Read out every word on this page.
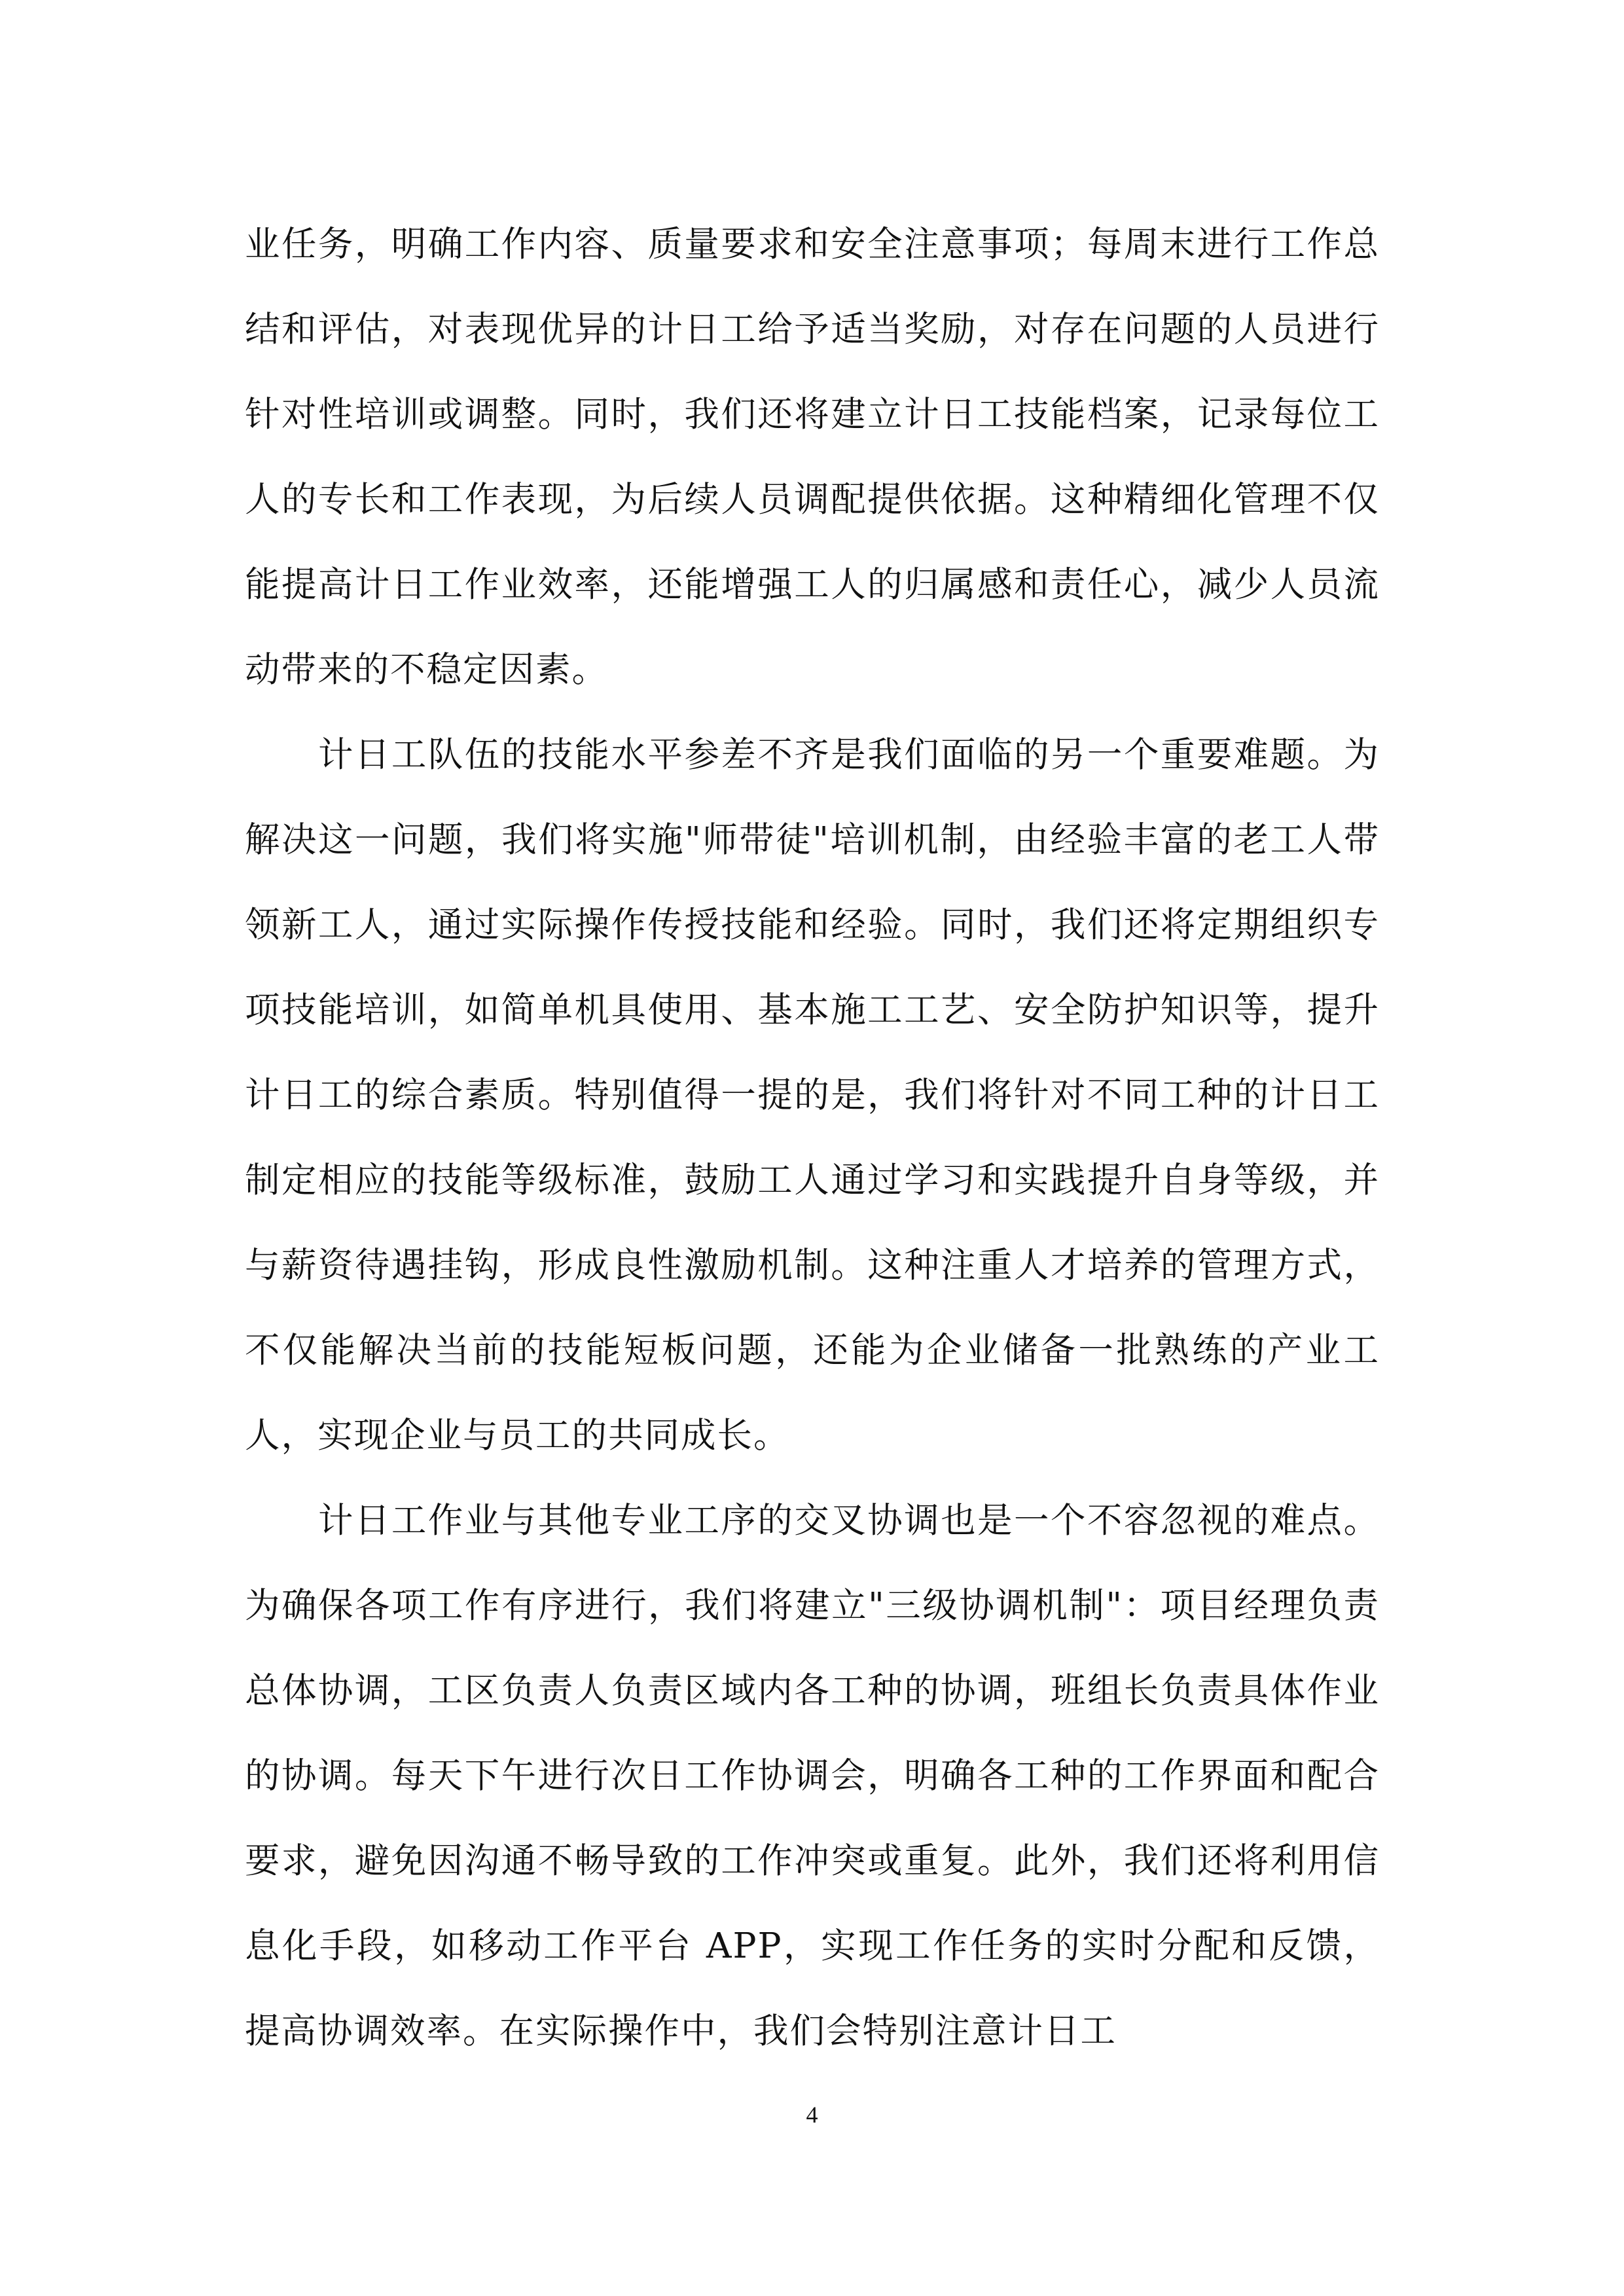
业任务，明确工作内容、质量要求和安全注意事项；每周末进行工作总结和评估，对表现优异的计日工给予适当奖励，对存在问题的人员进行针对性培训或调整。同时，我们还将建立计日工技能档案，记录每位工人的专长和工作表现，为后续人员调配提供依据。这种精细化管理不仅能提高计日工作业效率，还能增强工人的归属感和责任心，减少人员流动带来的不稳定因素。

计日工队伍的技能水平参差不齐是我们面临的另一个重要难题。为解决这一问题，我们将实施"师带徒"培训机制，由经验丰富的老工人带领新工人，通过实际操作传授技能和经验。同时，我们还将定期组织专项技能培训，如简单机具使用、基本施工工艺、安全防护知识等，提升计日工的综合素质。特别值得一提的是，我们将针对不同工种的计日工制定相应的技能等级标准，鼓励工人通过学习和实践提升自身等级，并与薪资待遇挂钩，形成良性激励机制。这种注重人才培养的管理方式，不仅能解决当前的技能短板问题，还能为企业储备一批熟练的产业工人，实现企业与员工的共同成长。

计日工作业与其他专业工序的交叉协调也是一个不容忽视的难点。为确保各项工作有序进行，我们将建立"三级协调机制"：项目经理负责总体协调，工区负责人负责区域内各工种的协调，班组长负责具体作业的协调。每天下午进行次日工作协调会，明确各工种的工作界面和配合要求，避免因沟通不畅导致的工作冲突或重复。此外，我们还将利用信息化手段，如移动工作平台 APP，实现工作任务的实时分配和反馈，提高协调效率。在实际操作中，我们会特别注意计日工

4
